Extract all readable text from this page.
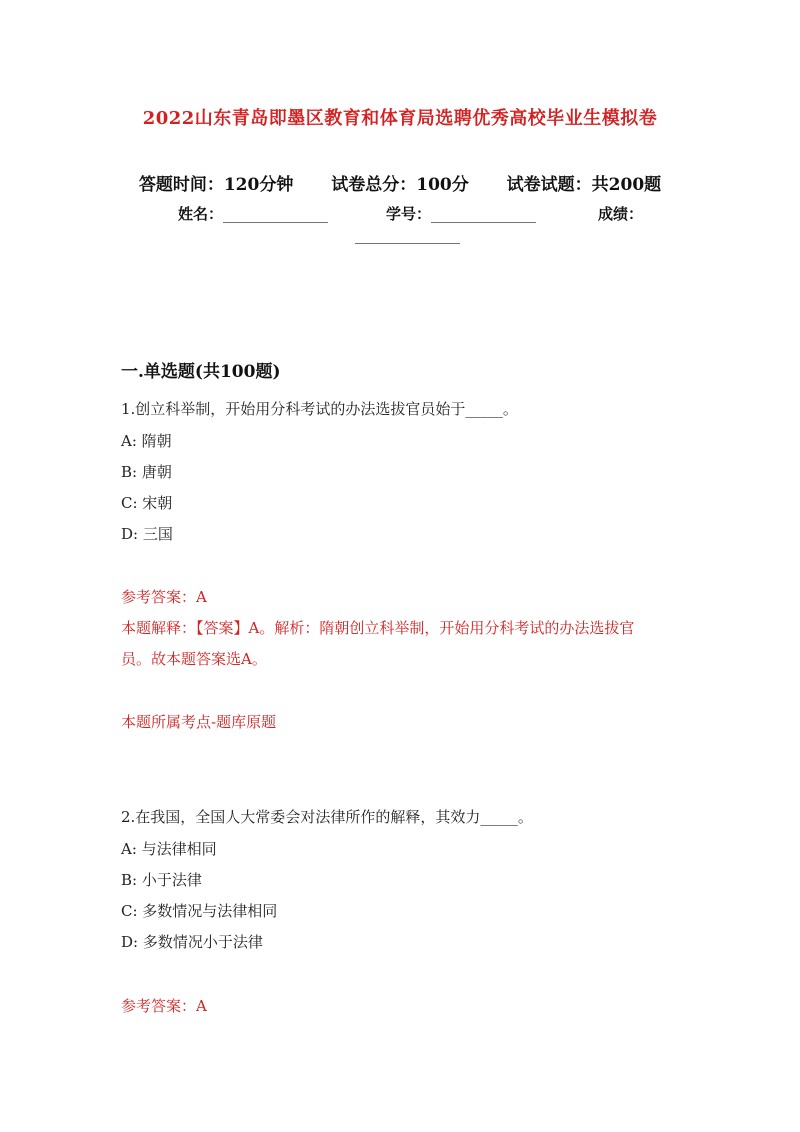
2022山东青岛即墨区教育和体育局选聘优秀高校毕业生模拟卷
答题时间：120分钟 试卷总分：100分 试卷试题：共200题
姓名：______________	学号：______________	成绩：
______________
一.单选题(共100题)
1.创立科举制，开始用分科考试的办法选拔官员始于_____。
A: 隋朝
B: 唐朝
C: 宋朝
D: 三国
参考答案：A
本题解释：【答案】A。解析：隋朝创立科举制，开始用分科考试的办法选拔官
员。故本题答案选A。
本题所属考点-题库原题
2.在我国，全国人大常委会对法律所作的解释，其效力_____。
A: 与法律相同
B: 小于法律
C: 多数情况与法律相同
D: 多数情况小于法律
参考答案：A
